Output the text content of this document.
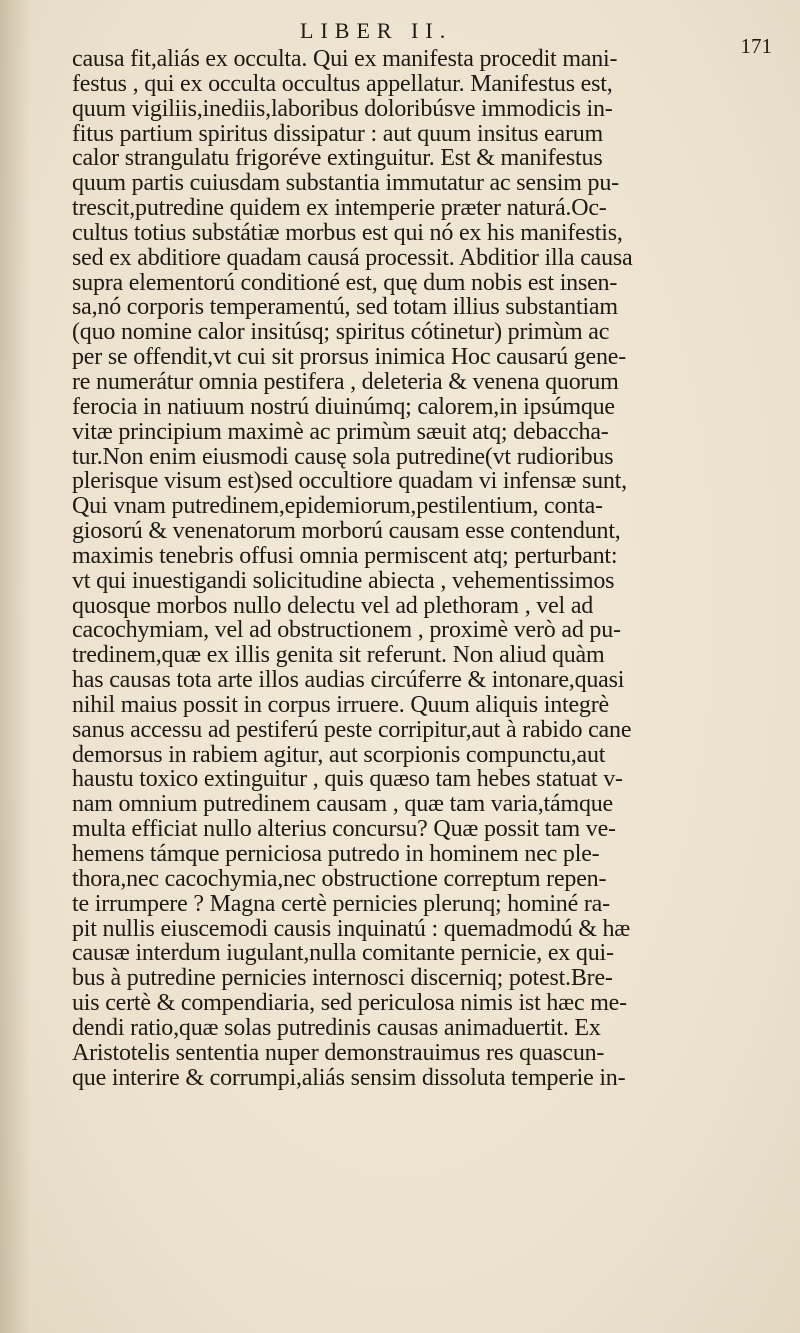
LIBER II.
171
causa fit,aliás ex occulta. Qui ex manifesta procedit mani-
festus , qui ex occulta occultus appellatur. Manifestus est,
quum vigiliis,inediis,laboribus doloribúsve immodicis in-
fitus partium spiritus dissipatur : aut quum insitus earum
calor strangulatu frigoréve extinguitur. Est & manifestus
quum partis cuiusdam substantia immutatur ac sensim pu-
trescit,putredine quidem ex intemperie præter naturá.Oc-
cultus totius substátiæ morbus est qui nó ex his manifestis,
sed ex abditiore quadam causá processit. Abditior illa causa
supra elementorú conditioné est, quę dum nobis est insen-
sa,nó corporis temperamentú, sed totam illius substantiam
(quo nomine calor insitúsq; spiritus cótinetur) primùm ac
per se offendit,vt cui sit prorsus inimica Hoc causarú gene-
re numerátur omnia pestifera , deleteria & venena quorum
ferocia in natiuum nostrú diuinúmq; calorem,in ipsúmque
vitæ principium maximè ac primùm sæuit atq; debaccha-
tur.Non enim eiusmodi causę sola putredine(vt rudioribus
plerisque visum est)sed occultiore quadam vi infensæ sunt,
Qui vnam putredinem,epidemiorum,pestilentium, conta-
giosorú & venenatorum morború causam esse contendunt,
maximis tenebris offusi omnia permiscent atq; perturbant:
vt qui inuestigandi solicitudine abiecta , vehementissimos
quosque morbos nullo delectu vel ad plethoram , vel ad
cacochymiam, vel ad obstructionem , proximè verò ad pu-
tredinem,quæ ex illis genita sit referunt. Non aliud quàm
has causas tota arte illos audias circúferre & intonare,quasi
nihil maius possit in corpus irruere. Quum aliquis integrè
sanus accessu ad pestiferú peste corripitur,aut à rabido cane
demorsus in rabiem agitur, aut scorpionis compunctu,aut
haustu toxico extinguitur , quis quæso tam hebes statuat v-
nam omnium putredinem causam , quæ tam varia,támque
multa efficiat nullo alterius concursu? Quæ possit tam ve-
hemens támque perniciosa putredo in hominem nec ple-
thora,nec cacochymia,nec obstructione correptum repen-
te irrumpere ? Magna certè pernicies plerunq; hominé ra-
pit nullis eiuscemodi causis inquinatú : quemadmodú & hæ
causæ interdum iugulant,nulla comitante pernicie, ex qui-
bus à putredine pernicies internosci discerniq; potest.Bre-
uis certè & compendiaria, sed periculosa nimis ist hæc me-
dendi ratio,quæ solas putredinis causas animaduertit. Ex
Aristotelis sententia nuper demonstrauimus res quascun-
que interire & corrumpi,aliás sensim dissoluta temperie in-
